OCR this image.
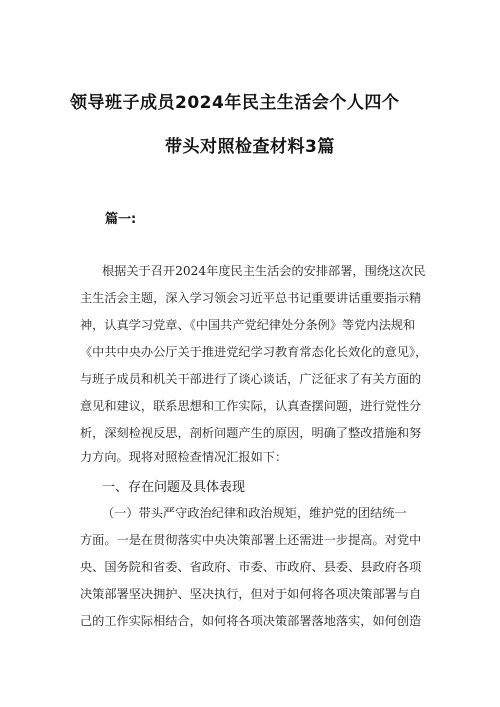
领导班子成员2024年民主生活会个人四个
带头对照检查材料3篇
篇一:
根据关于召开2024年度民主生活会的安排部署，围绕这次民
主生活会主题，深入学习领会习近平总书记重要讲话重要指示精
神，认真学习党章、《中国共产党纪律处分条例》等党内法规和
《中共中央办公厅关于推进党纪学习教育常态化长效化的意见》，
与班子成员和机关干部进行了谈心谈话，广泛征求了有关方面的
意见和建议，联系思想和工作实际，认真查摆问题，进行党性分
析，深刻检视反思，剖析问题产生的原因，明确了整改措施和努
力方向。现将对照检查情况汇报如下：
一、存在问题及具体表现
（一）带头严守政治纪律和政治规矩，维护党的团结统一
方面。一是在贯彻落实中央决策部署上还需进一步提高。对党中
央、国务院和省委、省政府、市委、市政府、县委、县政府各项
决策部署坚决拥护、坚决执行，但对于如何将各项决策部署与自
己的工作实际相结合，如何将各项决策部署落地落实，如何创造
